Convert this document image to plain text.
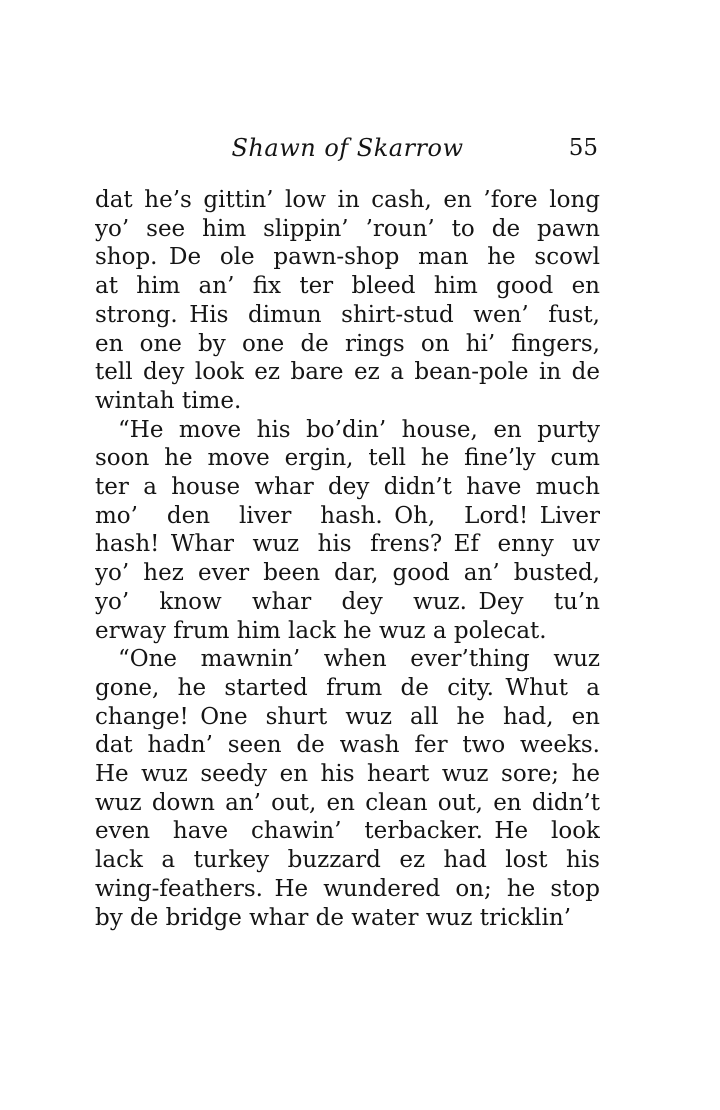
Shawn of Skarrow	55
dat he’s gittin’ low in cash, en ’fore long
yo’ see him slippin’ ’roun’ to de pawn
shop. De ole pawn-shop man he scowl
at him an’ fix ter bleed him good en
strong. His dimun shirt-stud wen’ fust,
en one by one de rings on hi’ fingers,
tell dey look ez bare ez a bean-pole in de
wintah time.
“He move his bo’din’ house, en purty
soon he move ergin, tell he fine’ly cum
ter a house whar dey didn’t have much
mo’ den liver hash. Oh, Lord! Liver
hash! Whar wuz his frens? Ef enny uv
yo’ hez ever been dar, good an’ busted,
yo’ know whar dey wuz. Dey tu’n
erway frum him lack he wuz a polecat.
“One mawnin’ when ever’thing wuz
gone, he started frum de city. Whut a
change! One shurt wuz all he had, en
dat hadn’ seen de wash fer two weeks.
He wuz seedy en his heart wuz sore; he
wuz down an’ out, en clean out, en didn’t
even have chawin’ terbacker. He look
lack a turkey buzzard ez had lost his
wing-feathers. He wundered on; he stop
by de bridge whar de water wuz tricklin’
